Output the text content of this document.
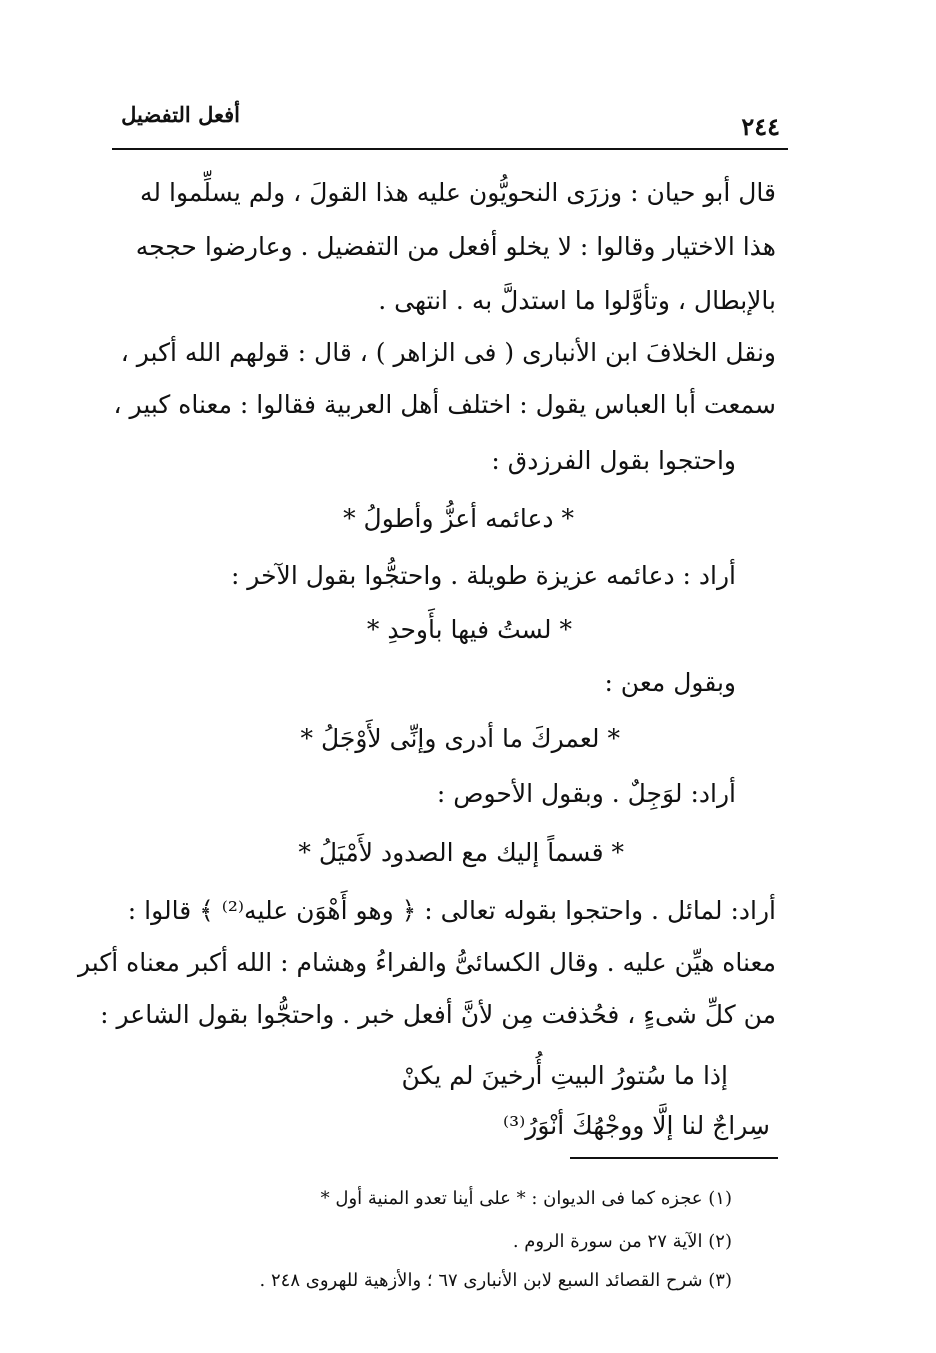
أفعل التفضيل	٢٤٤
قال أبو حيان : وزرَى النحويُّون عليه هذا القولَ ، ولم يسلِّموا له
هذا الاختيار وقالوا : لا يخلو أفعل من التفضيل . وعارضوا حججه
بالإبطال ، وتأوَّلوا ما استدلَّ به . انتهى .
ونقل الخلافَ ابن الأنبارى ( فى الزاهر ) ، قال : قولهم الله أكبر ،
سمعت أبا العباس يقول : اختلف أهل العربية فقالوا : معناه كبير ،
واحتجوا بقول الفرزدق :
* دعائمه أعزُّ وأطولُ *
أراد : دعائمه عزيزة طويلة . واحتجُّوا بقول الآخر :
* لستُ فيها بأَوحدِ *
وبقول معن :
* لعمركَ ما أدرى وإنِّى لأَوْجَلُ *
أراد: لوَجِلٌ . وبقول الأحوص :
* قسماً إليك مع الصدود لأَمْيَلُ *
أراد: لمائل . واحتجوا بقوله تعالى : ﴿ وهو أَهْوَن عليه⁽²⁾ ﴾ قالوا :
معناه هيِّن عليه . وقال الكسائىُّ والفراءُ وهشام : الله أكبر معناه أكبر
من كلِّ شىءٍ ، فحُذفت مِن لأنَّ أفعل خبر . واحتجُّوا بقول الشاعر :
إذا ما سُتورُ البيتِ أُرخينَ لم يكنْ
سِراجٌ لنا إلَّا ووجْهُكَ أنْوَرُ⁽³⁾
(١) عجزه كما فى الديوان : * على أينا تعدو المنية أول *
(٢) الآية ٢٧ من سورة الروم .
(٣) شرح القصائد السبع لابن الأنبارى ٦٧ ؛ والأزهية للهروى ٢٤٨ .
